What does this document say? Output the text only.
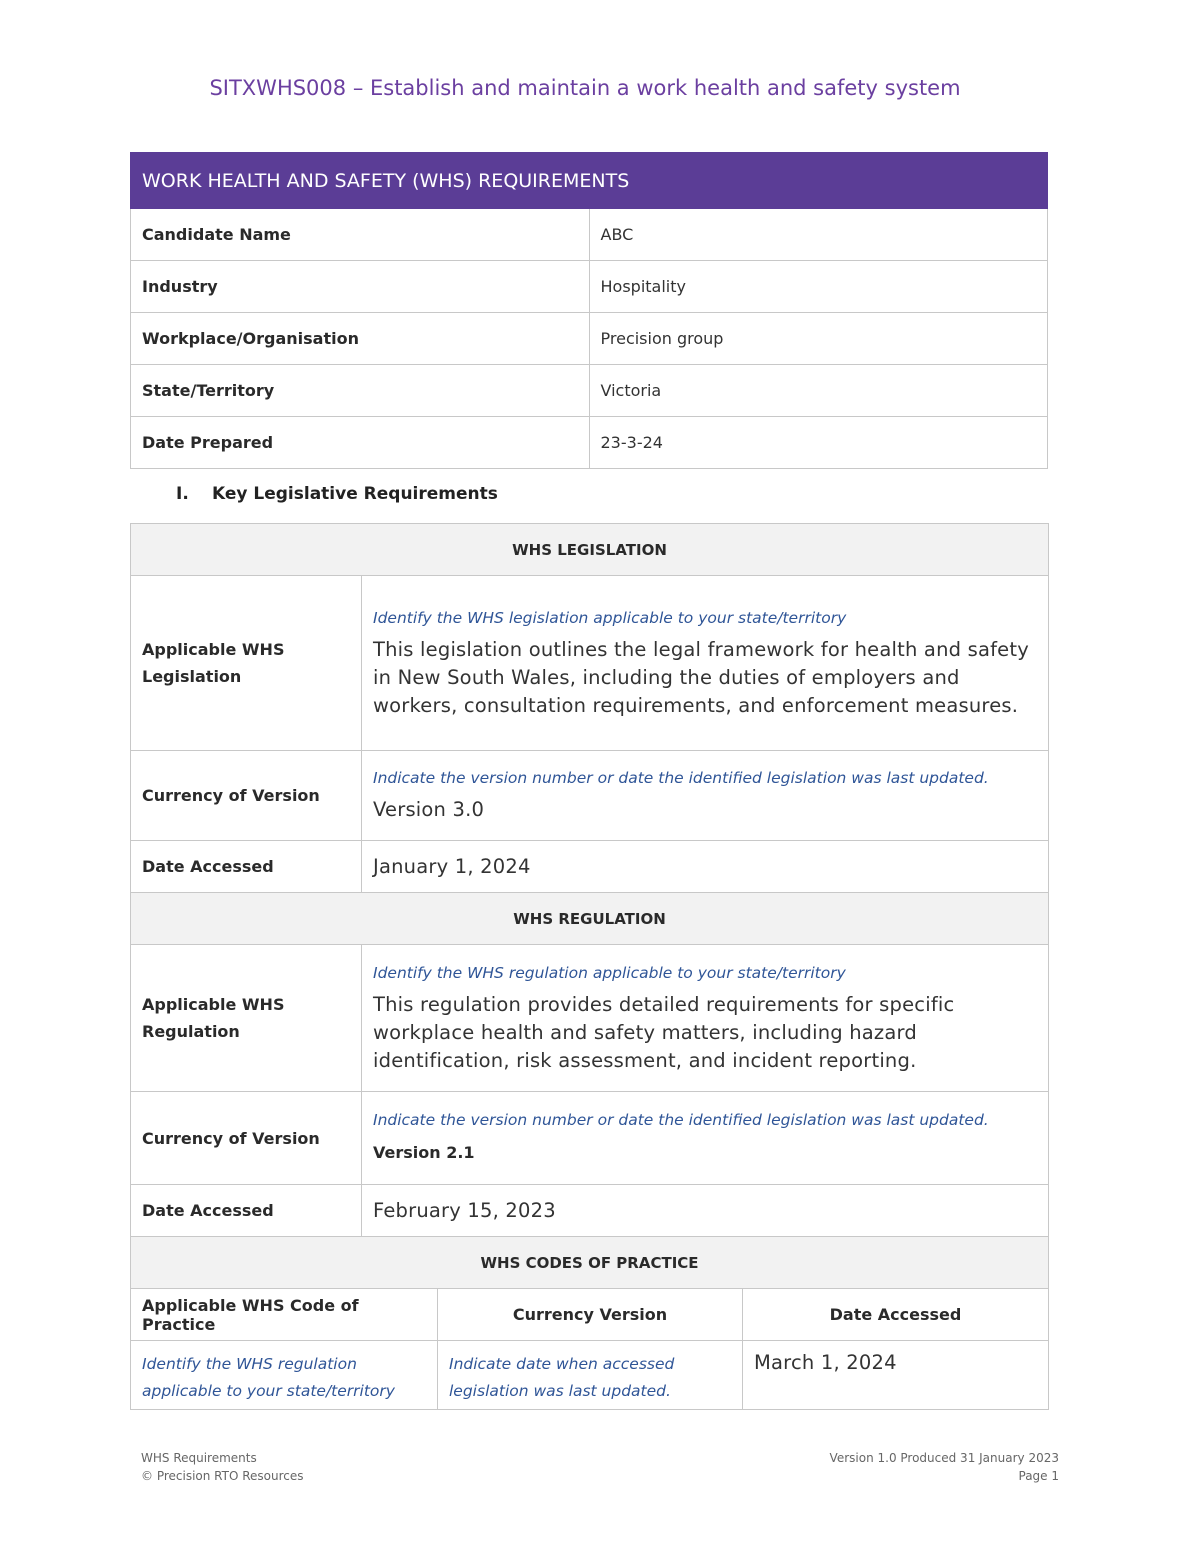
SITXWHS008 – Establish and maintain a work health and safety system
WORK HEALTH AND SAFETY (WHS) REQUIREMENTS	
Candidate Name	ABC
Industry	Hospitality
Workplace/Organisation	Precision group
State/Territory	Victoria
Date Prepared	23-3-24
I. Key Legislative Requirements
WHS LEGISLATION			
Applicable WHS Legislation	Identify the WHS legislation applicable to your state/territory
This legislation outlines the legal framework for health and safety in New South Wales, including the duties of employers and workers, consultation requirements, and enforcement measures.		

Currency of Version	Indicate the version number or date the identified legislation was last updated.
Version 3.0		

Date Accessed	January 1, 2024		

WHS REGULATION			
Applicable WHS Regulation	Identify the WHS regulation applicable to your state/territory
This regulation provides detailed requirements for specific workplace health and safety matters, including hazard identification, risk assessment, and incident reporting.		

Currency of Version	Indicate the version number or date the identified legislation was last updated.
Version 2.1		

Date Accessed	February 15, 2023		

WHS CODES OF PRACTICE			
Applicable WHS Code of Practice		Currency Version	Date Accessed

Identify the WHS regulation applicable to your state/territory		Indicate date when accessed legislation was last updated.	March 1, 2024
WHS Requirements
© Precision RTO Resources
Version 1.0 Produced 31 January 2023
Page 1
